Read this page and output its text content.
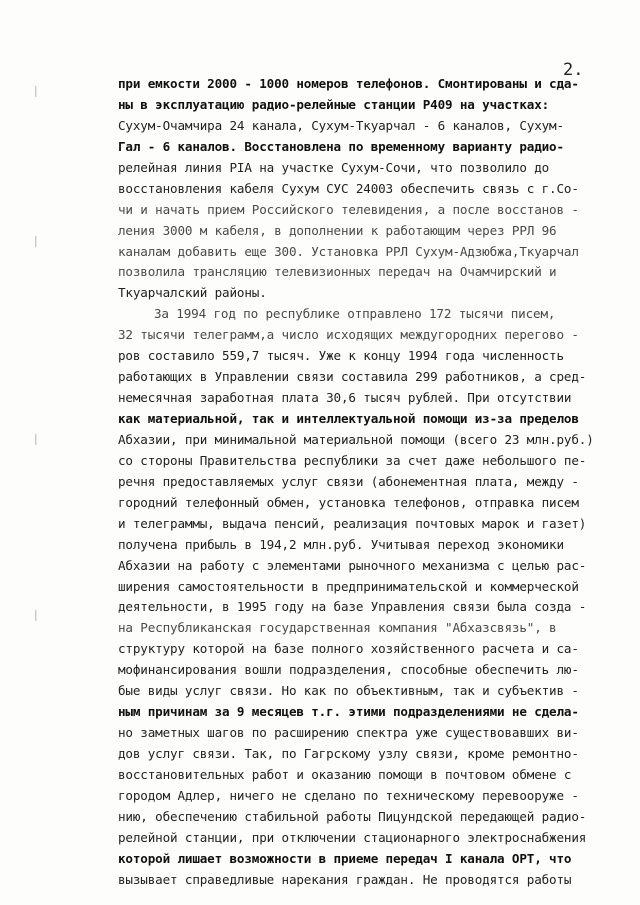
ꟾ
ꟾ
ꟾ
ꟾ
2.
при емкости 2000 - 1000 номеров телефонов. Смонтированы и сда-
ны в эксплуатацию радио-релейные станции Р409 на участках:
Сухум-Очамчира 24 канала, Сухум-Ткуарчал - 6 каналов, Сухум-
Гал - 6 каналов. Восстановлена по временному варианту радио-
релейная линия РIА на участке Сухум-Сочи, что позволило до
восстановления кабеля Сухум СУС 24003 обеспечить связь с г.Со-
чи и начать прием Российского телевидения, а после восстанов -
ления 3000 м кабеля, в дополнении к работающим через РРЛ 96
каналам добавить еще 300. Установка РРЛ Сухум-Адзюбжа,Ткуарчал
позволила трансляцию телевизионных передач на Очамчирский и
Ткуарчалский районы.
За 1994 год по республике отправлено 172 тысячи писем,
32 тысячи телеграмм,а число исходящих междугородних перегово -
ров составило 559,7 тысяч. Уже к концу 1994 года численность
работающих в Управлении связи составила 299 работников, а сред-
немесячная заработная плата 30,6 тысяч рублей. При отсутствии
как материальной, так и интеллектуальной помощи из-за пределов
Абхазии, при минимальной материальной помощи (всего 23 млн.руб.)
со стороны Правительства республики за счет даже небольшого пе-
речня предоставляемых услуг связи (абонементная плата, между -
городний телефонный обмен, установка телефонов, отправка писем
и телеграммы, выдача пенсий, реализация почтовых марок и газет)
получена прибыль в 194,2 млн.руб. Учитывая переход экономики
Абхазии на работу с элементами рыночного механизма с целью рас-
ширения самостоятельности в предпринимательской и коммерческой
деятельности, в 1995 году на базе Управления связи была созда -
на Республиканская государственная компания "Абхазсвязь", в
структуру которой на базе полного хозяйственного расчета и са-
мофинансирования вошли подразделения, способные обеспечить лю-
бые виды услуг связи. Но как по объективным, так и субъектив -
ным причинам за 9 месяцев т.г. этими подразделениями не сдела-
но заметных шагов по расширению спектра уже существовавших ви-
дов услуг связи. Так, по Гагрскому узлу связи, кроме ремонтно-
восстановительных работ и оказанию помощи в почтовом обмене с
городом Адлер, ничего не сделано по техническому перевооруже -
нию, обеспечению стабильной работы Пицундской передающей радио-
релейной станции, при отключении стационарного электроснабжения
которой лишает возможности в приеме передач I канала ОРТ, что
вызывает справедливые нарекания граждан. Не проводятся работы
